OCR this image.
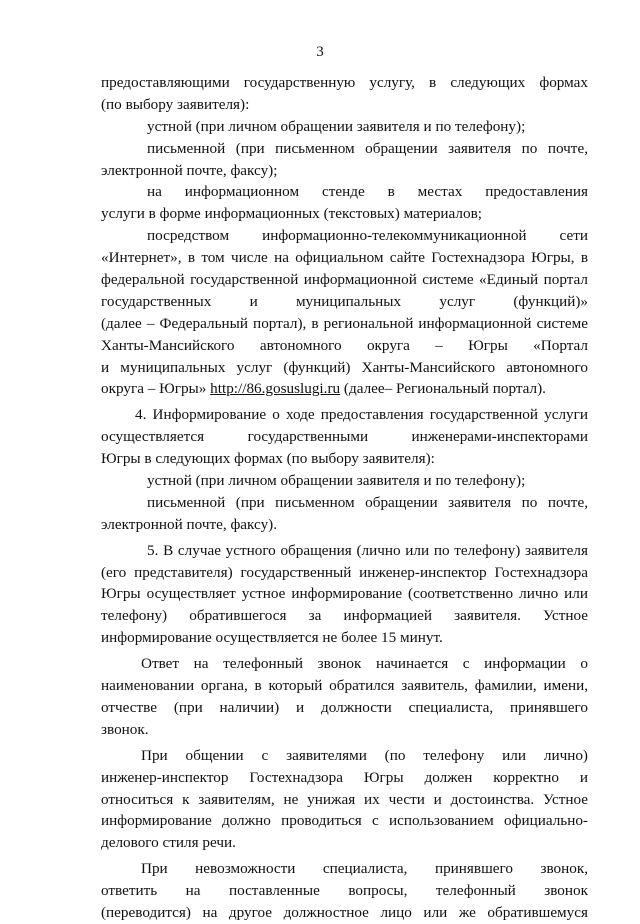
3
предоставляющими государственную услугу, в следующих формах
(по выбору заявителя):
устной (при личном обращении заявителя и по телефону);
письменной (при письменном обращении заявителя по почте,
электронной почте, факсу);
на информационном стенде в местах предоставления
услуги в форме информационных (текстовых) материалов;
посредством информационно-телекоммуникационной сети
«Интернет», в том числе на официальном сайте Гостехнадзора Югры, в
федеральной государственной информационной системе «Единый портал
государственных и муниципальных услуг (функций)»
(далее – Федеральный портал), в региональной информационной системе
Ханты-Мансийского автономного округа – Югры «Портал
и муниципальных услуг (функций) Ханты-Мансийского автономного
округа – Югры» http://86.gosuslugi.ru (далее– Региональный портал).
4. Информирование о ходе предоставления государственной услуги
осуществляется государственными инженерами-инспекторами
Югры в следующих формах (по выбору заявителя):
устной (при личном обращении заявителя и по телефону);
письменной (при письменном обращении заявителя по почте,
электронной почте, факсу).
5. В случае устного обращения (лично или по телефону) заявителя
(его представителя) государственный инженер-инспектор Гостехнадзора
Югры осуществляет устное информирование (соответственно лично или
телефону) обратившегося за информацией заявителя. Устное
информирование осуществляется не более 15 минут.
Ответ на телефонный звонок начинается с информации о
наименовании органа, в который обратился заявитель, фамилии, имени,
отчестве (при наличии) и должности специалиста, принявшего
звонок.
При общении с заявителями (по телефону или лично)
инженер-инспектор Гостехнадзора Югры должен корректно и
относиться к заявителям, не унижая их чести и достоинства. Устное
информирование должно проводиться с использованием официально-
делового стиля речи.
При невозможности специалиста, принявшего звонок,
ответить на поставленные вопросы, телефонный звонок
(переводится) на другое должностное лицо или же обратившемуся
